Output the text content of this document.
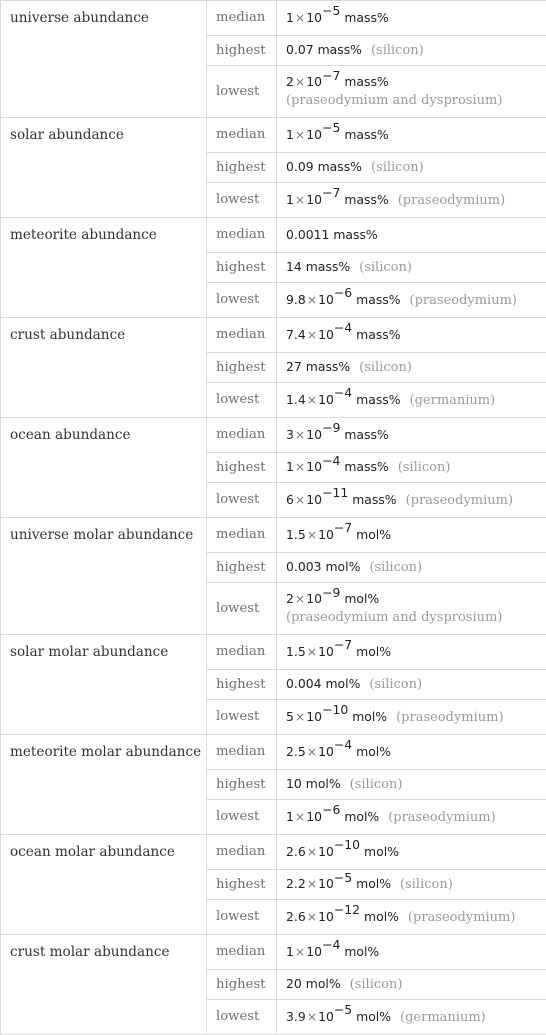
universe abundance	median	$1\times 10^{-5}$ mass%
	highest	0.07 mass% (silicon)
	lowest	$2\times 10^{-7}$ mass%
(praseodymium and dysprosium)

solar abundance	median	$1\times 10^{-5}$ mass%
	highest	0.09 mass% (silicon)
	lowest	$1\times 10^{-7}$ mass% (praseodymium)
meteorite abundance	median	0.0011 mass%
	highest	14 mass% (silicon)
	lowest	$9.8\times 10^{-6}$ mass% (praseodymium)
crust abundance	median	$7.4\times 10^{-4}$ mass%
	highest	27 mass% (silicon)
	lowest	$1.4\times 10^{-4}$ mass% (germanium)
ocean abundance	median	$3\times 10^{-9}$ mass%
	highest	$1\times 10^{-4}$ mass% (silicon)
	lowest	$6\times 10^{-11}$ mass% (praseodymium)
universe molar abundance	median	$1.5\times 10^{-7}$ mol%
	highest	0.003 mol% (silicon)
	lowest	$2\times 10^{-9}$ mol%
(praseodymium and dysprosium)

solar molar abundance	median	$1.5\times 10^{-7}$ mol%
	highest	0.004 mol% (silicon)
	lowest	$5\times 10^{-10}$ mol% (praseodymium)
meteorite molar abundance	median	$2.5\times 10^{-4}$ mol%
	highest	10 mol% (silicon)
	lowest	$1\times 10^{-6}$ mol% (praseodymium)
ocean molar abundance	median	$2.6\times 10^{-10}$ mol%
	highest	$2.2\times 10^{-5}$ mol% (silicon)
	lowest	$2.6\times 10^{-12}$ mol% (praseodymium)
crust molar abundance	median	$1\times 10^{-4}$ mol%
	highest	20 mol% (silicon)
	lowest	$3.9\times 10^{-5}$ mol% (germanium)
